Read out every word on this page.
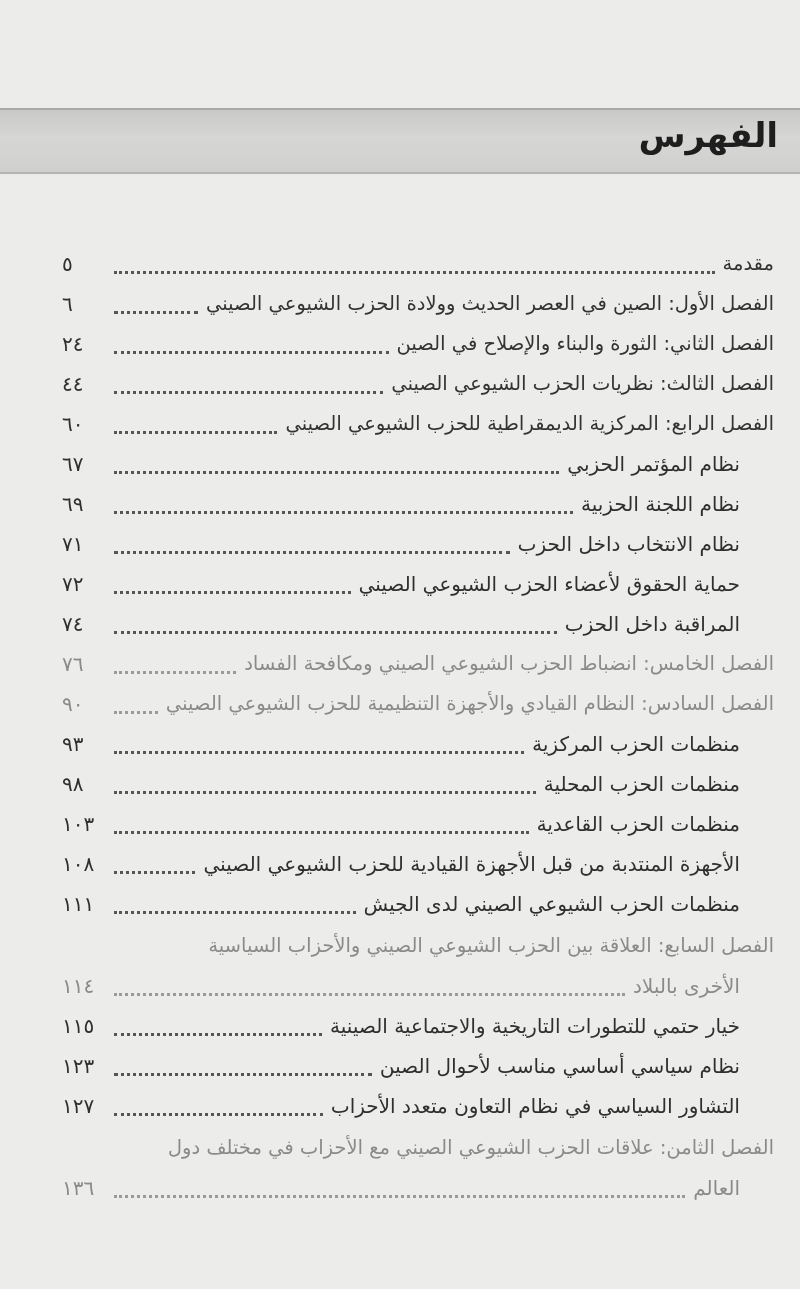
الفهرس
مقدمة
٥
الفصل الأول: الصين في العصر الحديث وولادة الحزب الشيوعي الصيني
٦
الفصل الثاني: الثورة والبناء والإصلاح في الصين
٢٤
الفصل الثالث: نظريات الحزب الشيوعي الصيني
٤٤
الفصل الرابع: المركزية الديمقراطية للحزب الشيوعي الصيني
٦٠
نظام المؤتمر الحزبي
٦٧
نظام اللجنة الحزبية
٦٩
نظام الانتخاب داخل الحزب
٧١
حماية الحقوق لأعضاء الحزب الشيوعي الصيني
٧٢
المراقبة داخل الحزب
٧٤
الفصل الخامس: انضباط الحزب الشيوعي الصيني ومكافحة الفساد
٧٦
الفصل السادس: النظام القيادي والأجهزة التنظيمية للحزب الشيوعي الصيني
٩٠
منظمات الحزب المركزية
٩٣
منظمات الحزب المحلية
٩٨
منظمات الحزب القاعدية
١٠٣
الأجهزة المنتدبة من قبل الأجهزة القيادية للحزب الشيوعي الصيني
١٠٨
منظمات الحزب الشيوعي الصيني لدى الجيش
١١١
الفصل السابع: العلاقة بين الحزب الشيوعي الصيني والأحزاب السياسية
الأخرى بالبلاد
١١٤
خيار حتمي للتطورات التاريخية والاجتماعية الصينية
١١٥
نظام سياسي أساسي مناسب لأحوال الصين
١٢٣
التشاور السياسي في نظام التعاون متعدد الأحزاب
١٢٧
الفصل الثامن: علاقات الحزب الشيوعي الصيني مع الأحزاب في مختلف دول
العالم
١٣٦
